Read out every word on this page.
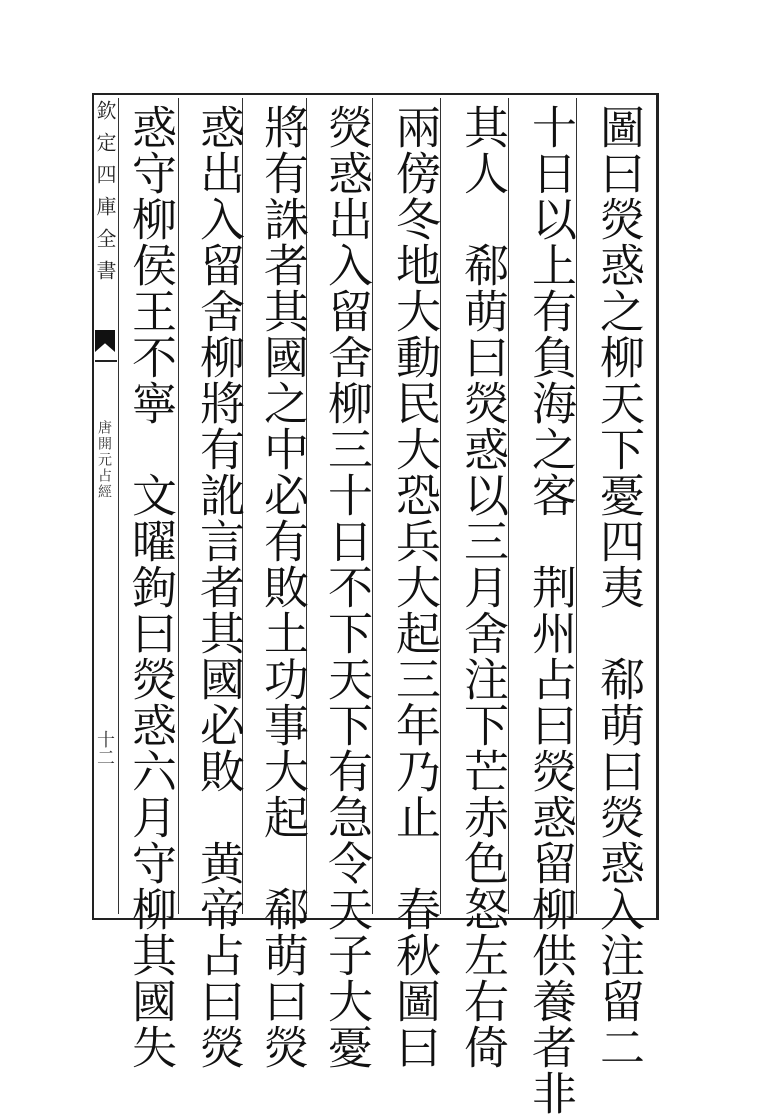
欽定四庫全書
唐開元占經
十二	圖曰熒惑之柳天下憂四夷　郗萌曰熒惑入注留二
十日以上有負海之客　荆州占曰熒惑留柳供養者非
其人　郗萌曰熒惑以三月舍注下芒赤色怒左右倚
兩傍冬地大動民大恐兵大起三年乃止　春秋圖曰
熒惑出入留舍柳三十日不下天下有急令天子大憂
將有誅者其國之中必有敗土功事大起　郗萌曰熒
惑出入留舍柳將有訛言者其國必敗　黄帝占曰熒
惑守柳侯王不寧　文曜鉤曰熒惑六月守柳其國失
